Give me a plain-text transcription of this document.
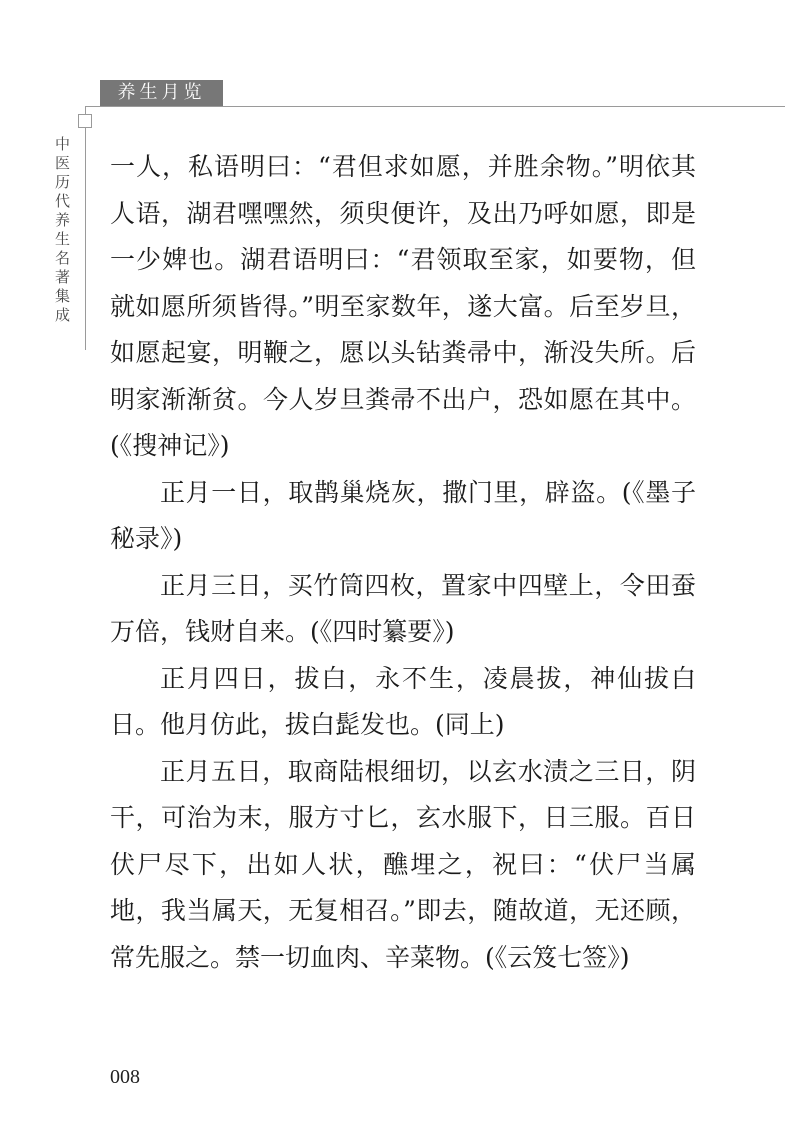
养生月览
中医历代养生名著集成 一人，私语明曰：“君但求如愿，并胜余物。”明依其人语，湖君嘿嘿然，须臾便许，及出乃呼如愿，即是一少婢也。湖君语明曰：“君领取至家，如要物，但就如愿所须皆得。”明至家数年，遂大富。后至岁旦，如愿起宴，明鞭之，愿以头钻粪帚中，渐没失所。后明家渐渐贫。今人岁旦粪帚不出户，恐如愿在其中。(《搜神记》)

正月一日，取鹊巢烧灰，撒门里，辟盗。(《墨子秘录》)

正月三日，买竹筒四枚，置家中四壁上，令田蚕万倍，钱财自来。(《四时纂要》)

正月四日，拔白，永不生，凌晨拔，神仙拔白日。他月仿此，拔白髭发也。(同上)

正月五日，取商陆根细切，以玄水渍之三日，阴干，可治为末，服方寸匕，玄水服下，日三服。百日伏尸尽下，出如人状，醮埋之，祝曰：“伏尸当属地，我当属天，无复相召。”即去，随故道，无还顾，常先服之。禁一切血肉、辛菜物。(《云笈七签》)

008
